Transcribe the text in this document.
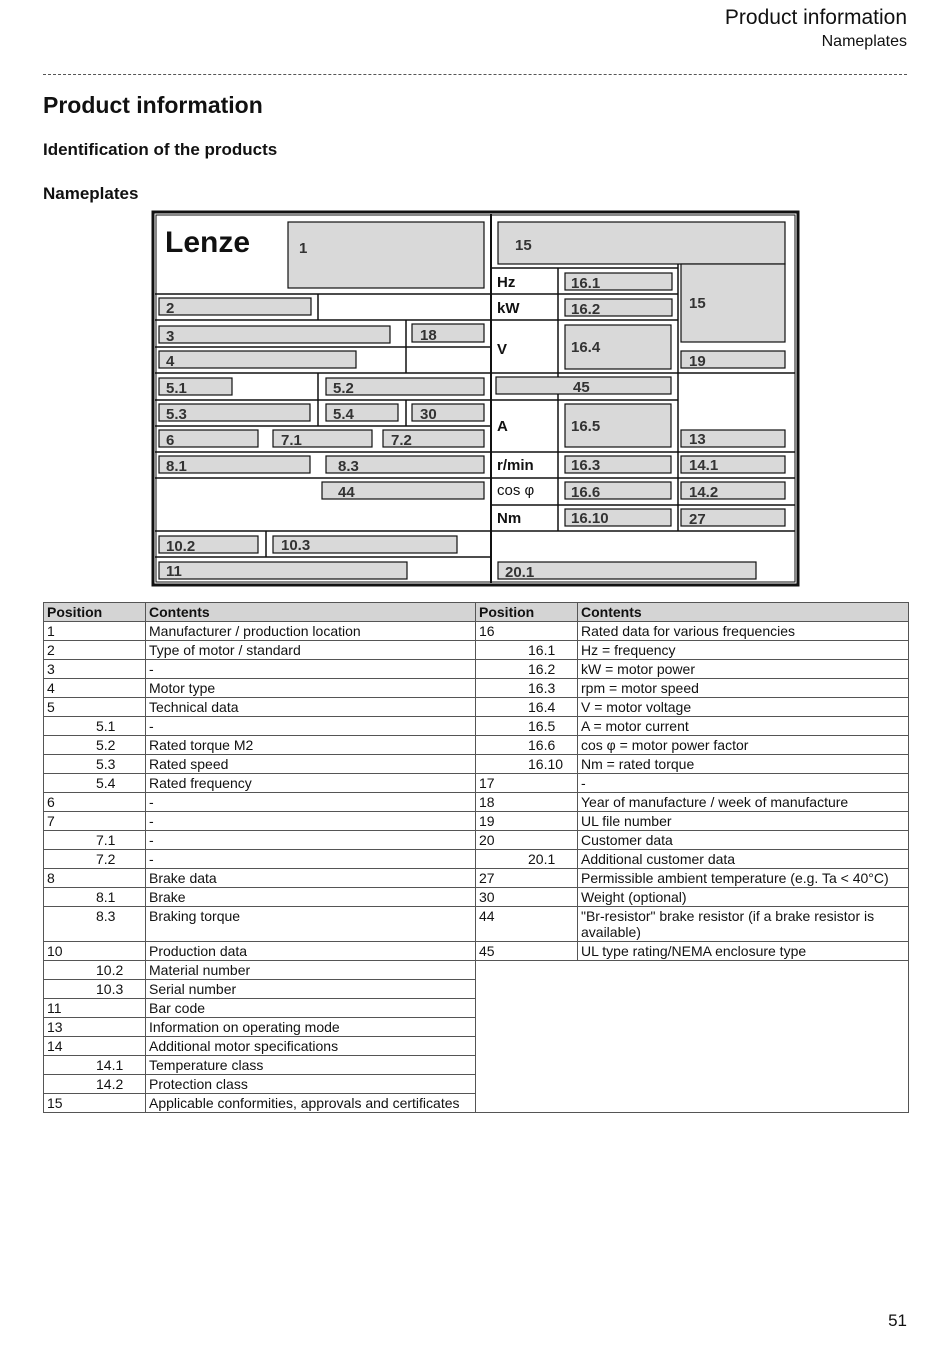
Product information
Nameplates
Product information
Identification of the products
Nameplates
Lenze	1	15
Hz	16.1
kW	16.2	15
2
3	18
V	16.4
4	19
5.1	5.2	45
5.3	5.4	30
A	16.5
6	7.1	7.2	13
8.1	8.3	r/min 16.3	14.1
44	cos φ 16.6	14.2
Nm	16.10	27
10.2	10.3
11	20.1
Position	Contents	Position	Contents
1	Manufacturer / production location	16	Rated data for various frequencies
2	Type of motor / standard	16.1	Hz = frequency
3	-	16.2	kW = motor power
4	Motor type	16.3	rpm = motor speed
5	Technical data	16.4	V = motor voltage
5.1	-	16.5	A = motor current
5.2	Rated torque M2	16.6	cos φ = motor power factor
5.3	Rated speed	16.10	Nm = rated torque
5.4	Rated frequency	17	-
6	-	18	Year of manufacture / week of manufacture
7	-	19	UL file number
7.1	-	20	Customer data
7.2	-	20.1	Additional customer data
8	Brake data	27	Permissible ambient temperature (e.g. Ta < 40°C)
8.1	Brake	30	Weight (optional)
8.3	Braking torque	44	"Br-resistor" brake resistor (if a brake resistor is available)
10	Production data	45	UL type rating/NEMA enclosure type
10.2	Material number		
10.3	Serial number		
11	Bar code		
13	Information on operating mode		
14	Additional motor specifications		
14.1	Temperature class		
14.2	Protection class		
15	Applicable conformities, approvals and certificates		
51
